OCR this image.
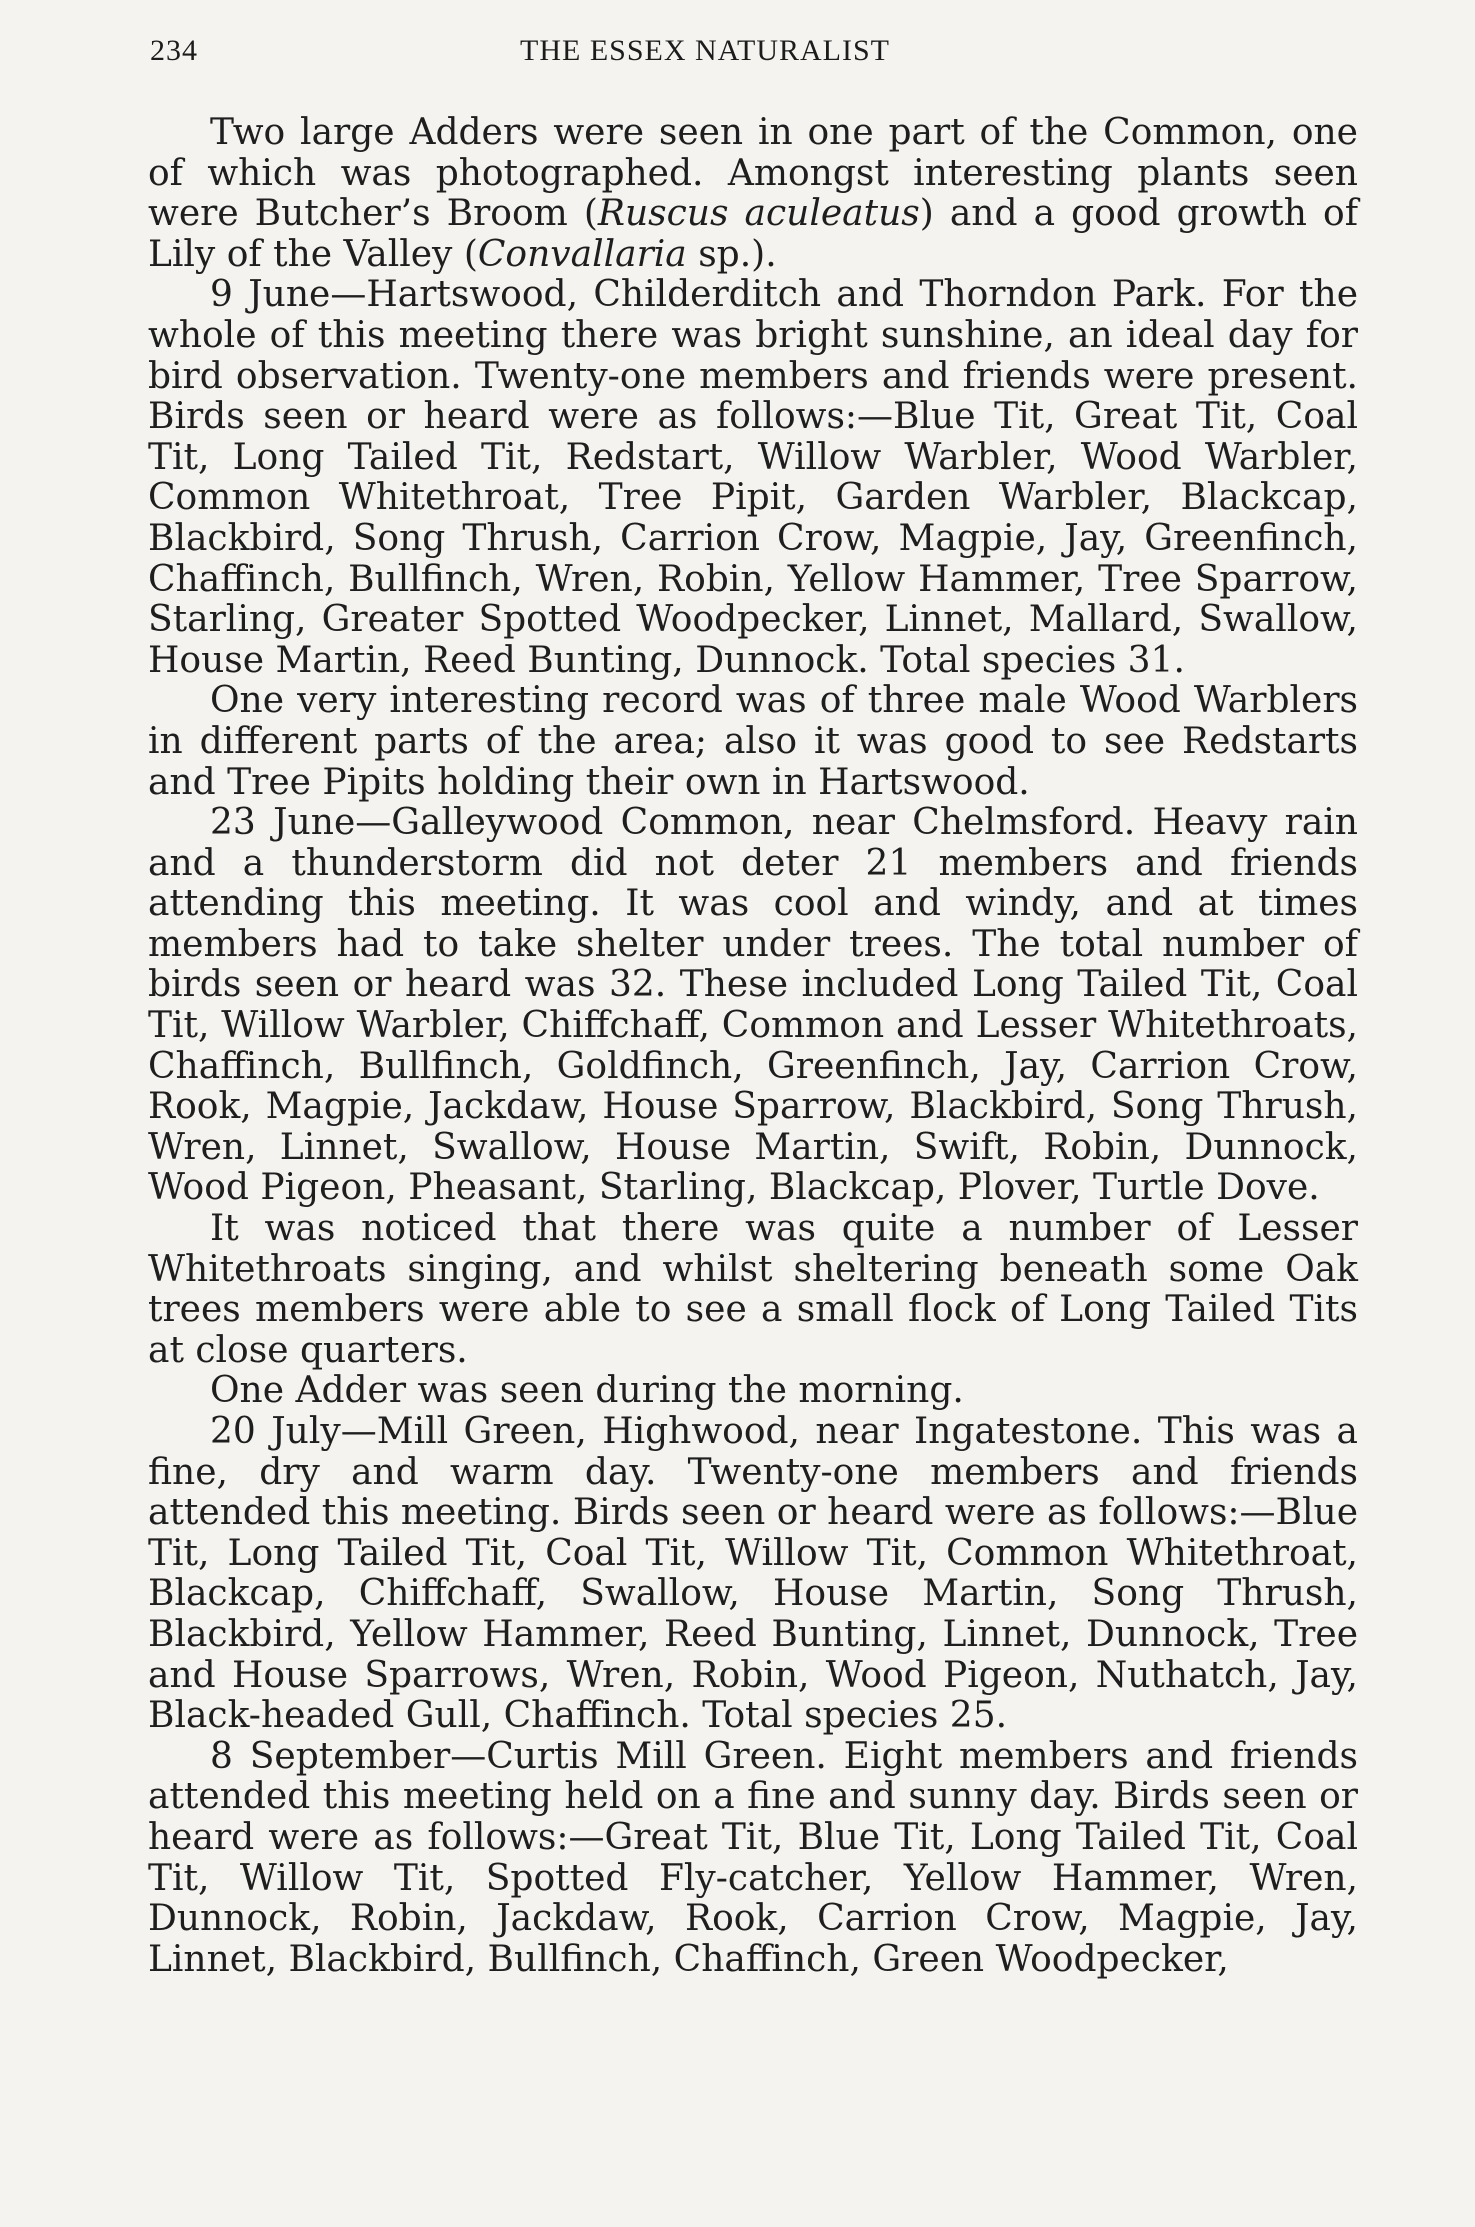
234	THE ESSEX NATURALIST

Two large Adders were seen in one part of the Common, one of which was photographed. Amongst interesting plants seen were Butcher’s Broom (Ruscus aculeatus) and a good growth of Lily of the Valley (Convallaria sp.).

9 June—Hartswood, Childerditch and Thorndon Park. For the whole of this meeting there was bright sunshine, an ideal day for bird observation. Twenty-one members and friends were present. Birds seen or heard were as follows:—Blue Tit, Great Tit, Coal Tit, Long Tailed Tit, Redstart, Willow Warbler, Wood Warbler, Common Whitethroat, Tree Pipit, Garden Warbler, Blackcap, Blackbird, Song Thrush, Carrion Crow, Magpie, Jay, Greenfinch, Chaffinch, Bullfinch, Wren, Robin, Yellow Hammer, Tree Sparrow, Starling, Greater Spotted Woodpecker, Linnet, Mallard, Swallow, House Martin, Reed Bunting, Dunnock. Total species 31.

One very interesting record was of three male Wood Warblers in different parts of the area; also it was good to see Redstarts and Tree Pipits holding their own in Hartswood.

23 June—Galleywood Common, near Chelmsford. Heavy rain and a thunderstorm did not deter 21 members and friends attending this meeting. It was cool and windy, and at times members had to take shelter under trees. The total number of birds seen or heard was 32. These included Long Tailed Tit, Coal Tit, Willow Warbler, Chiffchaff, Common and Lesser Whitethroats, Chaffinch, Bullfinch, Goldfinch, Greenfinch, Jay, Carrion Crow, Rook, Magpie, Jackdaw, House Sparrow, Blackbird, Song Thrush, Wren, Linnet, Swallow, House Martin, Swift, Robin, Dunnock, Wood Pigeon, Pheasant, Starling, Blackcap, Plover, Turtle Dove.

It was noticed that there was quite a number of Lesser Whitethroats singing, and whilst sheltering beneath some Oak trees members were able to see a small flock of Long Tailed Tits at close quarters.

One Adder was seen during the morning.

20 July—Mill Green, Highwood, near Ingatestone. This was a fine, dry and warm day. Twenty-one members and friends attended this meeting. Birds seen or heard were as follows:—Blue Tit, Long Tailed Tit, Coal Tit, Willow Tit, Common Whitethroat, Blackcap, Chiffchaff, Swallow, House Martin, Song Thrush, Blackbird, Yellow Hammer, Reed Bunting, Linnet, Dunnock, Tree and House Sparrows, Wren, Robin, Wood Pigeon, Nuthatch, Jay, Black-headed Gull, Chaffinch. Total species 25.

8 September—Curtis Mill Green. Eight members and friends attended this meeting held on a fine and sunny day. Birds seen or heard were as follows:—Great Tit, Blue Tit, Long Tailed Tit, Coal Tit, Willow Tit, Spotted Fly-catcher, Yellow Hammer, Wren, Dunnock, Robin, Jackdaw, Rook, Carrion Crow, Magpie, Jay, Linnet, Blackbird, Bullfinch, Chaffinch, Green Woodpecker,
